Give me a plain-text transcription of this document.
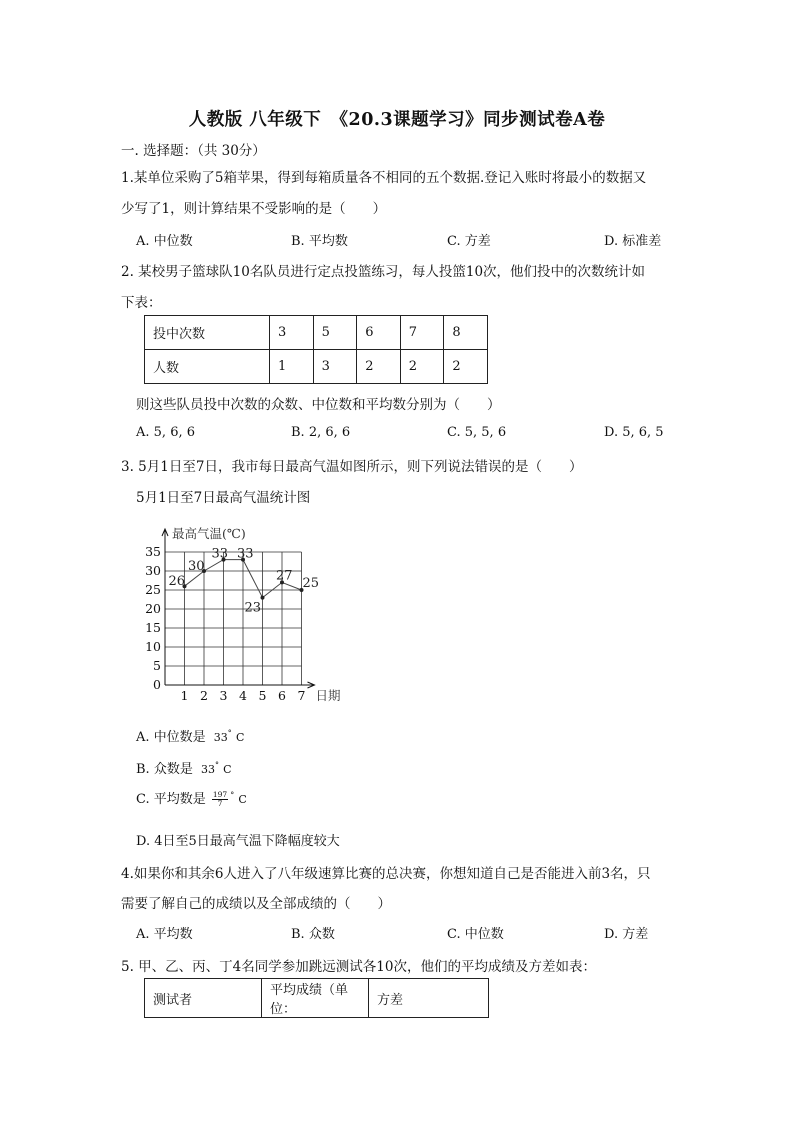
人教版 八年级下　《20.3课题学习》同步测试卷A卷
一. 选择题：（共 30分）
1.某单位采购了5箱苹果，得到每箱质量各不相同的五个数据.登记入账时将最小的数据又
少写了1，则计算结果不受影响的是（　　）
A. 中位数	B. 平均数	C. 方差	D. 标准差
2. 某校男子篮球队10名队员进行定点投篮练习，每人投篮10次，他们投中的次数统计如
下表：
投中次数	3	5	6	7	8
人数	1	3	2	2	2
则这些队员投中次数的众数、中位数和平均数分别为（　　）
A. 5, 6, 6	B. 2, 6, 6	C. 5, 5, 6	D. 5, 6, 5
3. 5月1日至7日，我市每日最高气温如图所示，则下列说法错误的是（　　）
5月1日至7日最高气温统计图
0
5
10
15
20
25
30
35
1 2 3 4 5 6 7
最高气温(℃)
日期
26
30
33 33
23
27
25
A. 中位数是 33° C
B. 众数是 33° C
C. 平均数是 $\frac{197}{7} ^\circ$ C
D. 4日至5日最高气温下降幅度较大
4.如果你和其余6人进入了八年级速算比赛的总决赛，你想知道自己是否能进入前3名，只
需要了解自己的成绩以及全部成绩的（　　）
A. 平均数	B. 众数	C. 中位数	D. 方差
5. 甲、乙、丙、丁4名同学参加跳远测试各10次，他们的平均成绩及方差如表：
测试者	平均成绩（单位：	方差
